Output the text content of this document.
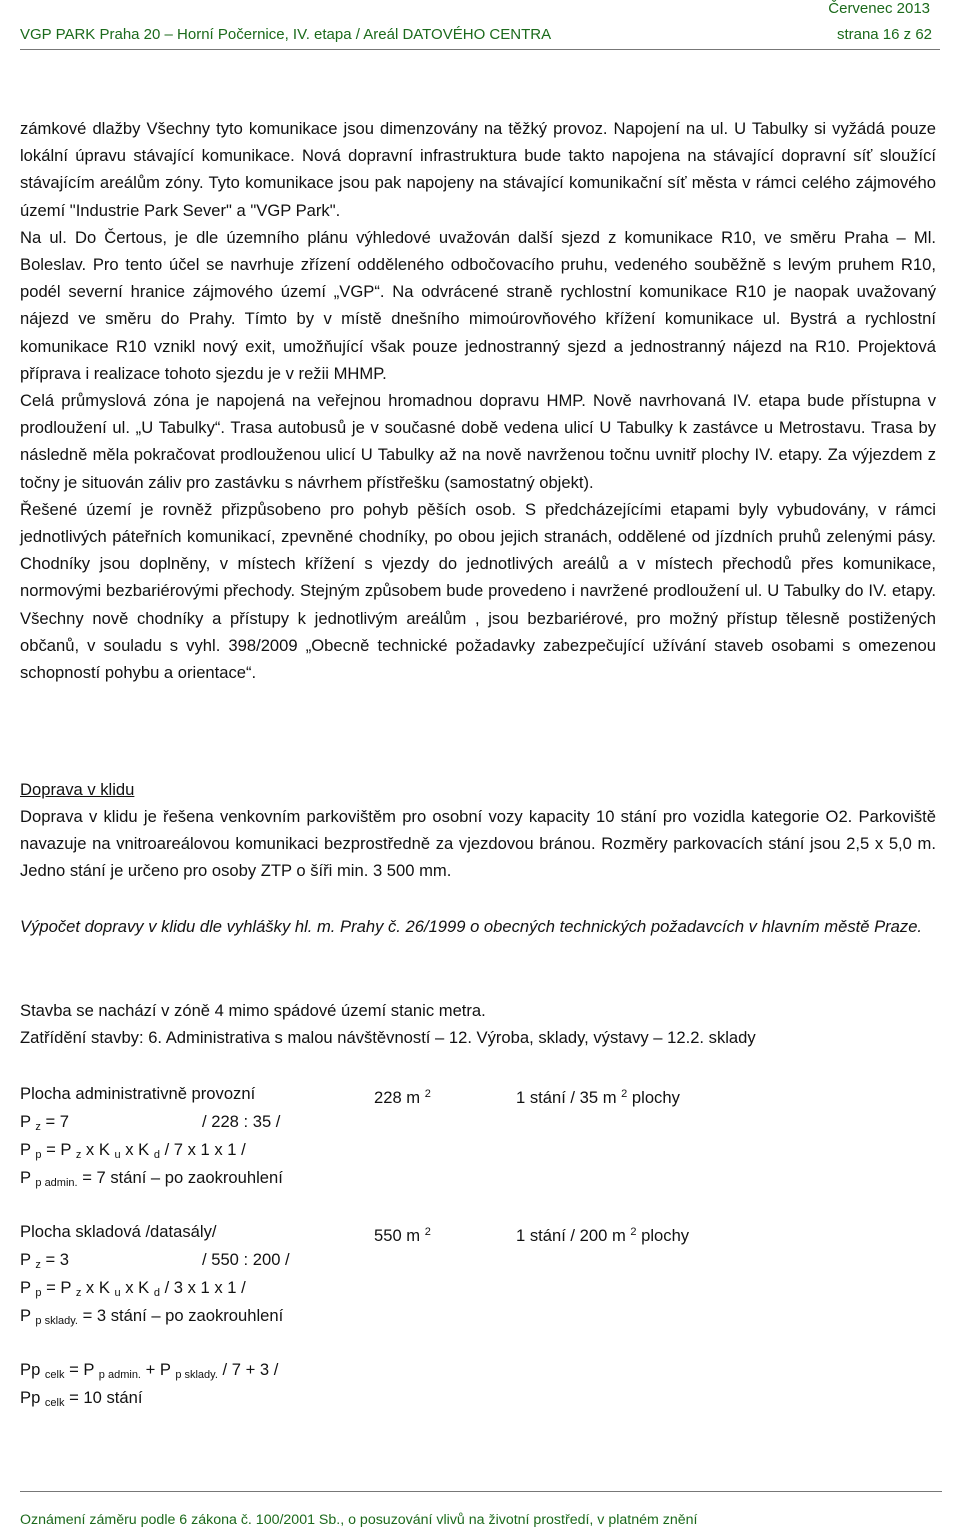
Červenec 2013
VGP PARK Praha 20 – Horní Počernice, IV. etapa / Areál DATOVÉHO CENTRA	strana 16 z 62

zámkové dlažby Všechny tyto komunikace jsou dimenzovány na těžký provoz. Napojení na ul. U Tabulky si vyžádá pouze lokální úpravu stávající komunikace. Nová dopravní infrastruktura bude takto napojena na stávající dopravní síť sloužící stávajícím areálům zóny. Tyto komunikace jsou pak napojeny na stávající komunikační síť města v rámci celého zájmového území "Industrie Park Sever" a "VGP Park".

Na ul. Do Čertous, je dle územního plánu výhledové uvažován další sjezd z komunikace R10, ve směru Praha – Ml. Boleslav. Pro tento účel se navrhuje zřízení odděleného odbočovacího pruhu, vedeného souběžně s levým pruhem R10, podél severní hranice zájmového území „VGP“. Na odvrácené straně rychlostní komunikace R10 je naopak uvažovaný nájezd ve směru do Prahy. Tímto by v místě dnešního mimoúrovňového křížení komunikace ul. Bystrá a rychlostní komunikace R10 vznikl nový exit, umožňující však pouze jednostranný sjezd a jednostranný nájezd na R10. Projektová příprava i realizace tohoto sjezdu je v režii MHMP.

Celá průmyslová zóna je napojená na veřejnou hromadnou dopravu HMP. Nově navrhovaná IV. etapa bude přístupna v prodloužení ul. „U Tabulky“. Trasa autobusů je v současné době vedena ulicí U Tabulky k zastávce u Metrostavu. Trasa by následně měla pokračovat prodlouženou ulicí U Tabulky až na nově navrženou točnu uvnitř plochy IV. etapy. Za výjezdem z točny je situován záliv pro zastávku s návrhem přístřešku (samostatný objekt).

Řešené území je rovněž přizpůsobeno pro pohyb pěších osob. S předcházejícími etapami byly vybudovány, v rámci jednotlivých páteřních komunikací, zpevněné chodníky, po obou jejich stranách, oddělené od jízdních pruhů zelenými pásy. Chodníky jsou doplněny, v místech křížení s vjezdy do jednotlivých areálů a v místech přechodů přes komunikace, normovými bezbariérovými přechody. Stejným způsobem bude provedeno i navržené prodloužení ul. U Tabulky do IV. etapy. Všechny nově chodníky a přístupy k jednotlivým areálům , jsou bezbariérové, pro možný přístup tělesně postižených občanů, v souladu s vyhl. 398/2009 „Obecně technické požadavky zabezpečující užívání staveb osobami s omezenou schopností pohybu a orientace“.

Doprava v klidu

Doprava v klidu je řešena venkovním parkovištěm pro osobní vozy kapacity 10 stání pro vozidla kategorie O2. Parkoviště navazuje na vnitroareálovou komunikaci bezprostředně za vjezdovou bránou. Rozměry parkovacích stání jsou 2,5 x 5,0 m. Jedno stání je určeno pro osoby ZTP o šíři min. 3 500 mm.

Výpočet dopravy v klidu dle vyhlášky hl. m. Prahy č. 26/1999 o obecných technických požadavcích v hlavním městě Praze.

Stavba se nachází v zóně 4 mimo spádové území stanic metra.

Zatřídění stavby: 6. Administrativa s malou návštěvností – 12. Výroba, sklady, výstavy – 12.2. sklady

Plocha administrativně provozní	228 m $^2$	1 stání / 35 m $^2$ plochy
P $_z$ = 7	/ 228 : 35 /
P $_p$ = P $_z$ x K $_u$ x K $_d$ / 7 x 1 x 1 /
P $_{p admin.}$ = 7 stání – po zaokrouhlení
Plocha skladová /datasály/	550 m $^2$	1 stání / 200 m $^2$ plochy
P $_z$ = 3	/ 550 : 200 /
P $_p$ = P $_z$ x K $_u$ x K $_d$ / 3 x 1 x 1 /
P $_{p sklady.}$ = 3 stání – po zaokrouhlení
Pp $_{celk}$ = P $_{p admin.}$ + P $_{p sklady.}$ / 7 + 3 /
Pp $_{celk}$ = 10 stání
Oznámení záměru podle 6 zákona č. 100/2001 Sb., o posuzování vlivů na životní prostředí, v platném znění
